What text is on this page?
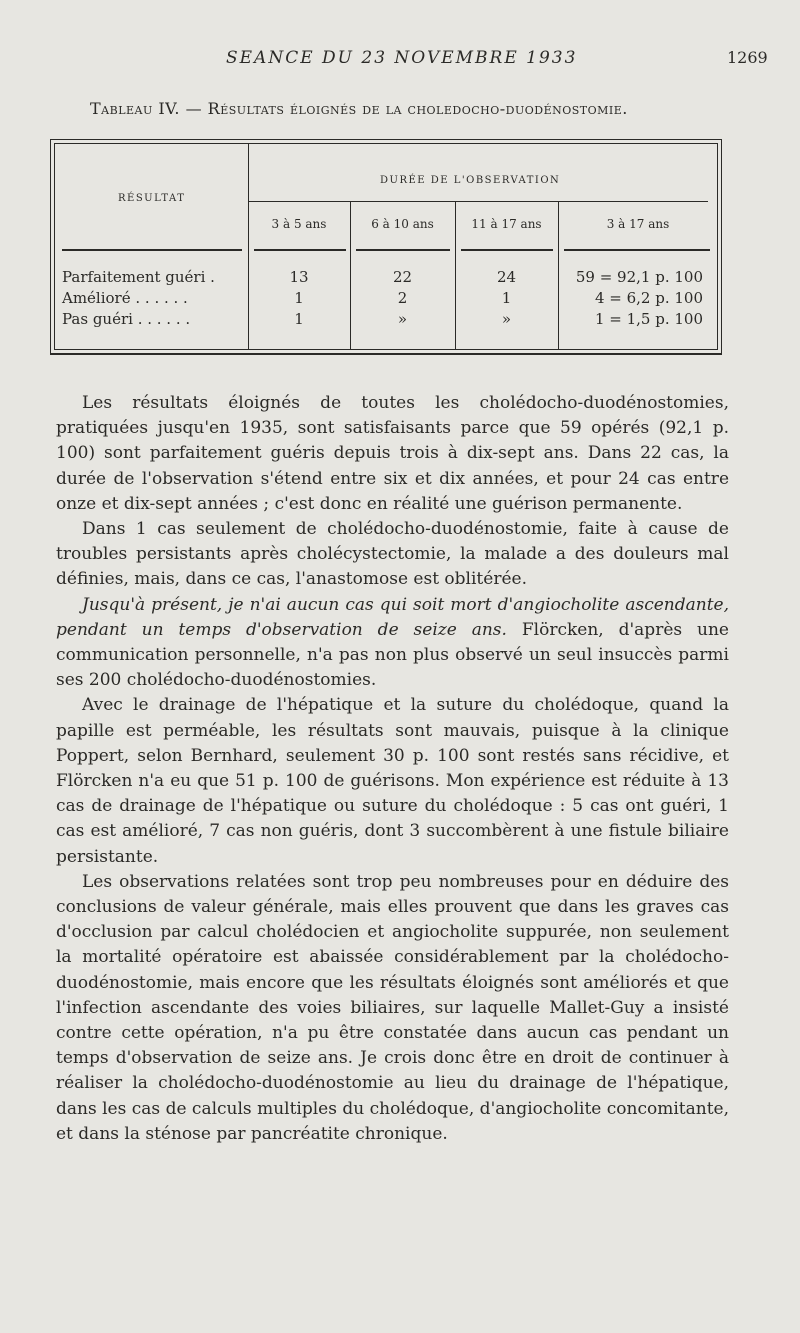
SEANCE DU 23 NOVEMBRE 1933	1269
Tableau IV. — Résultats éloignés de la choledocho-duodénostomie.
RÉSULTAT
DURÉE DE L'OBSERVATION
3 à 5 ans	6 à 10 ans	11 à 17 ans	3 à 17 ans
Parfaitement guéri .	13	22	24	59 = 92,1 p. 100
Amélioré . . . . . .	1	2	1	4 = 6,2 p. 100
Pas guéri . . . . . .	1	»	»	1 = 1,5 p. 100

Les résultats éloignés de toutes les cholédocho-duodénostomies, pratiquées jusqu'en 1935, sont satisfaisants parce que 59 opérés (92,1 p. 100) sont parfaitement guéris depuis trois à dix-sept ans. Dans 22 cas, la durée de l'observation s'étend entre six et dix années, et pour 24 cas entre onze et dix-sept années ; c'est donc en réalité une guérison permanente.

Dans 1 cas seulement de cholédocho-duodénostomie, faite à cause de troubles persistants après cholécystectomie, la malade a des douleurs mal définies, mais, dans ce cas, l'anastomose est oblitérée.

Jusqu'à présent, je n'ai aucun cas qui soit mort d'angiocholite ascendante, pendant un temps d'observation de seize ans. Flörcken, d'après une communication personnelle, n'a pas non plus observé un seul insuccès parmi ses 200 cholédocho-duodénostomies.

Avec le drainage de l'hépatique et la suture du cholédoque, quand la papille est perméable, les résultats sont mauvais, puisque à la clinique Poppert, selon Bernhard, seulement 30 p. 100 sont restés sans récidive, et Flörcken n'a eu que 51 p. 100 de guérisons. Mon expérience est réduite à 13 cas de drainage de l'hépatique ou suture du cholédoque : 5 cas ont guéri, 1 cas est amélioré, 7 cas non guéris, dont 3 succombèrent à une fistule biliaire persistante.

Les observations relatées sont trop peu nombreuses pour en déduire des conclusions de valeur générale, mais elles prouvent que dans les graves cas d'occlusion par calcul cholédocien et angiocholite suppurée, non seulement la mortalité opératoire est abaissée considérablement par la cholédocho-duodénostomie, mais encore que les résultats éloignés sont améliorés et que l'infection ascendante des voies biliaires, sur laquelle Mallet-Guy a insisté contre cette opération, n'a pu être constatée dans aucun cas pendant un temps d'observation de seize ans. Je crois donc être en droit de continuer à réaliser la cholédocho-duodénostomie au lieu du drainage de l'hépatique, dans les cas de calculs multiples du cholédoque, d'angiocholite concomitante, et dans la sténose par pancréatite chronique.
